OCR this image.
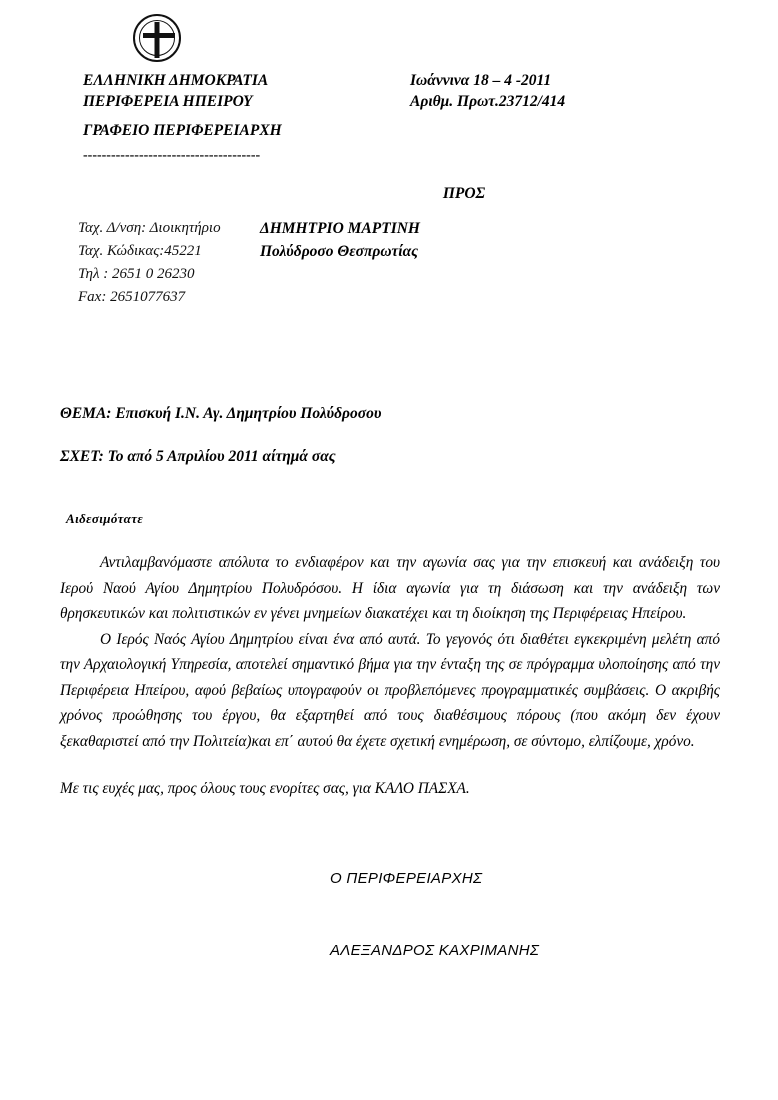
ΕΛΛΗΝΙΚΗ ΔΗΜΟΚΡΑΤΙΑ
ΠΕΡΙΦΕΡΕΙΑ ΗΠΕΙΡΟΥ
Ιωάννινα 18 – 4 -2011
Αριθμ. Πρωτ.23712/414
ΓΡΑΦΕΙΟ ΠΕΡΙΦΕΡΕΙΑΡΧΗ
--------------------------------------
ΠΡΟΣ
Ταχ. Δ/νση: Διοικητήριο	ΔΗΜΗΤΡΙΟ ΜΑΡΤΙΝΗ
Ταχ. Κώδικας:45221	Πολύδροσο Θεσπρωτίας
Τηλ : 2651 0 26230
Fax: 2651077637
ΘΕΜΑ: Επισκυή Ι.Ν. Αγ. Δημητρίου Πολύδροσου
ΣΧΕΤ: Το από 5 Απριλίου 2011 αίτημά σας
Αιδεσιμότατε

Αντιλαμβανόμαστε απόλυτα το ενδιαφέρον και την αγωνία σας για την επισκευή και ανάδειξη του Ιερού Ναού Αγίου Δημητρίου Πολυδρόσου. Η ίδια αγωνία για τη διάσωση και την ανάδειξη των θρησκευτικών και πολιτιστικών εν γένει μνημείων διακατέχει και τη διοίκηση της Περιφέρειας Ηπείρου.

Ο Ιερός Ναός Αγίου Δημητρίου είναι ένα από αυτά. Το γεγονός ότι διαθέτει εγκεκριμένη μελέτη από την Αρχαιολογική Υπηρεσία, αποτελεί σημαντικό βήμα για την ένταξη της σε πρόγραμμα υλοποίησης από την Περιφέρεια Ηπείρου, αφού βεβαίως υπογραφούν οι προβλεπόμενες προγραμματικές συμβάσεις. Ο ακριβής χρόνος προώθησης του έργου, θα εξαρτηθεί από τους διαθέσιμους πόρους (που ακόμη δεν έχουν ξεκαθαριστεί από την Πολιτεία)και επ΄ αυτού θα έχετε σχετική ενημέρωση, σε σύντομο, ελπίζουμε, χρόνο.

Με τις ευχές μας, προς όλους τους ενορίτες σας, για ΚΑΛΟ ΠΑΣΧΑ.

Ο ΠΕΡΙΦΕΡΕΙΑΡΧΗΣ
ΑΛΕΞΑΝΔΡΟΣ ΚΑΧΡΙΜΑΝΗΣ
